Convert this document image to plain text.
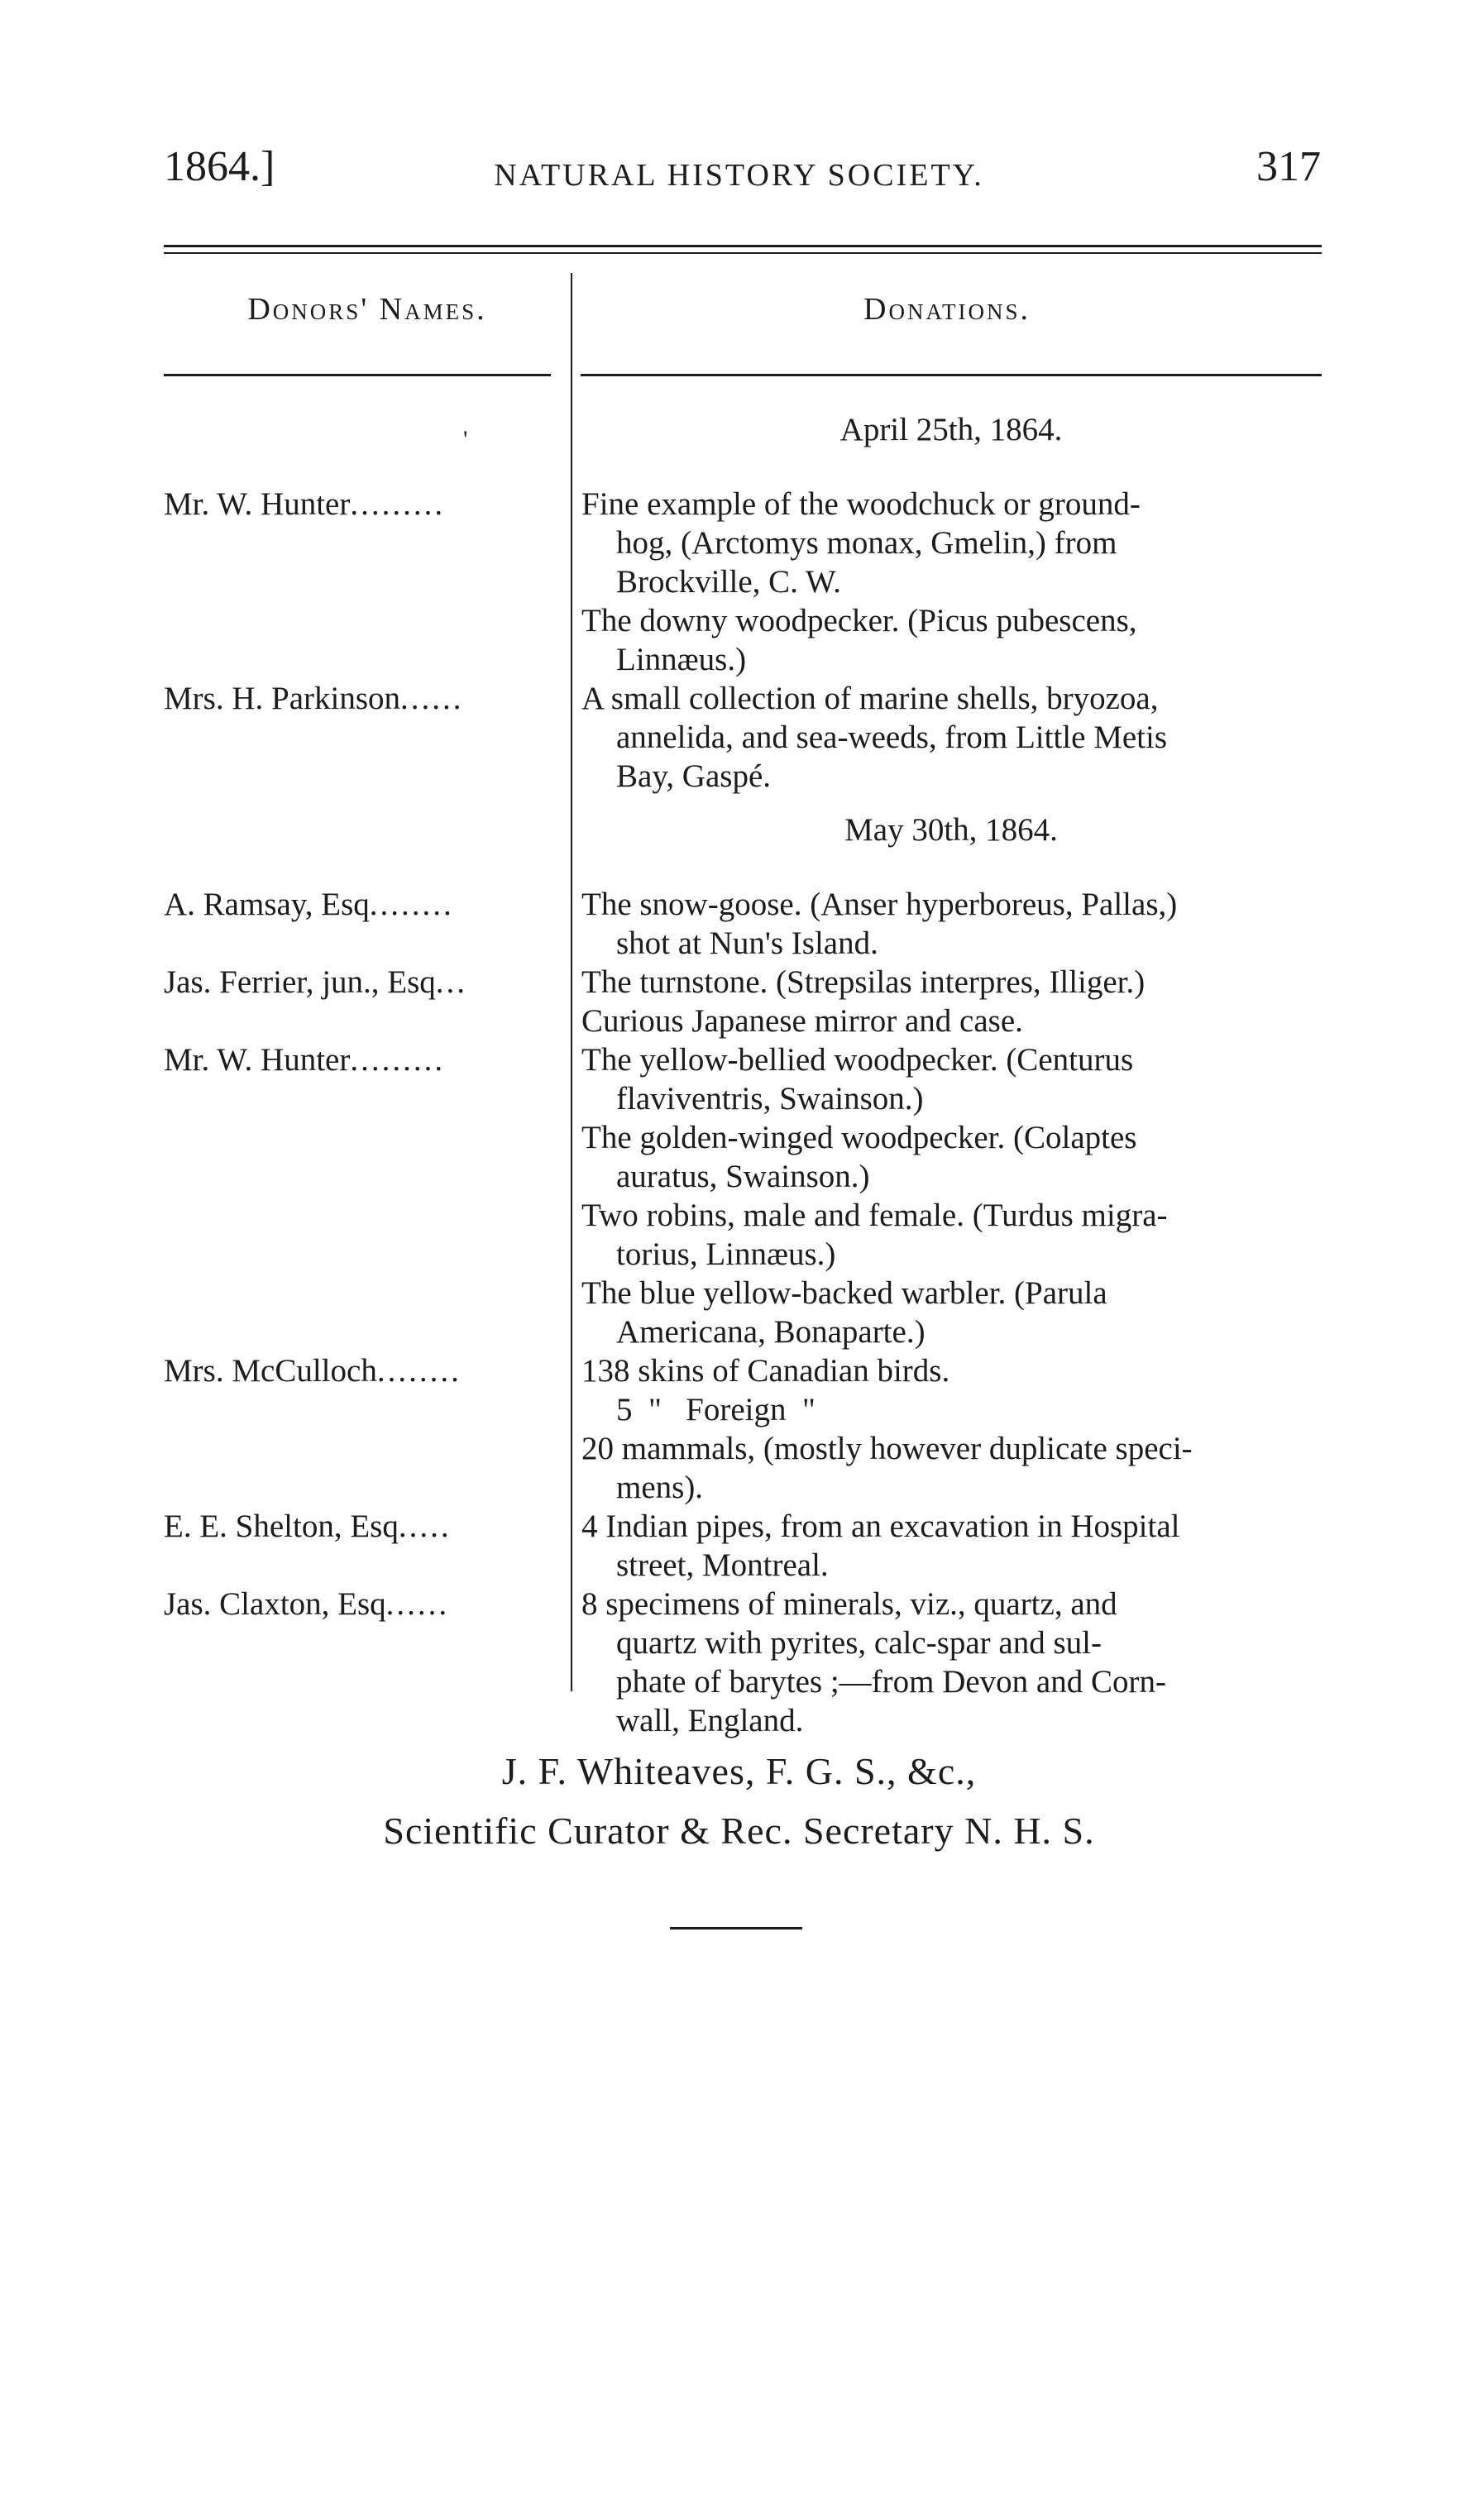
1864.]	NATURAL HISTORY SOCIETY.	317
Donors' Names.	Donations.
'	April 25th, 1864.
Mr. W. Hunter.........	Fine example of the woodchuck or ground-
hog, (Arctomys monax, Gmelin,) from
Brockville, C. W.
The downy woodpecker. (Picus pubescens,
Linnæus.)
Mrs. H. Parkinson......	A small collection of marine shells, bryozoa,
annelida, and sea-weeds, from Little Metis
Bay, Gaspé.
May 30th, 1864.
A. Ramsay, Esq........	The snow-goose. (Anser hyperboreus, Pallas,)
shot at Nun's Island.
Jas. Ferrier, jun., Esq...	The turnstone. (Strepsilas interpres, Illiger.)
Curious Japanese mirror and case.
Mr. W. Hunter.........	The yellow-bellied woodpecker. (Centurus
flaviventris, Swainson.)
The golden-winged woodpecker. (Colaptes
auratus, Swainson.)
Two robins, male and female. (Turdus migra-
torius, Linnæus.)
The blue yellow-backed warbler. (Parula
Americana, Bonaparte.)
Mrs. McCulloch........	138 skins of Canadian birds.
5  "   Foreign  "
20 mammals, (mostly however duplicate speci-
mens).
E. E. Shelton, Esq.....	4 Indian pipes, from an excavation in Hospital
street, Montreal.
Jas. Claxton, Esq......	8 specimens of minerals, viz., quartz, and
quartz with pyrites, calc-spar and sul-
phate of barytes ;—from Devon and Corn-
wall, England.
J. F. Whiteaves, F. G. S., &c.,
Scientific Curator & Rec. Secretary N. H. S.
